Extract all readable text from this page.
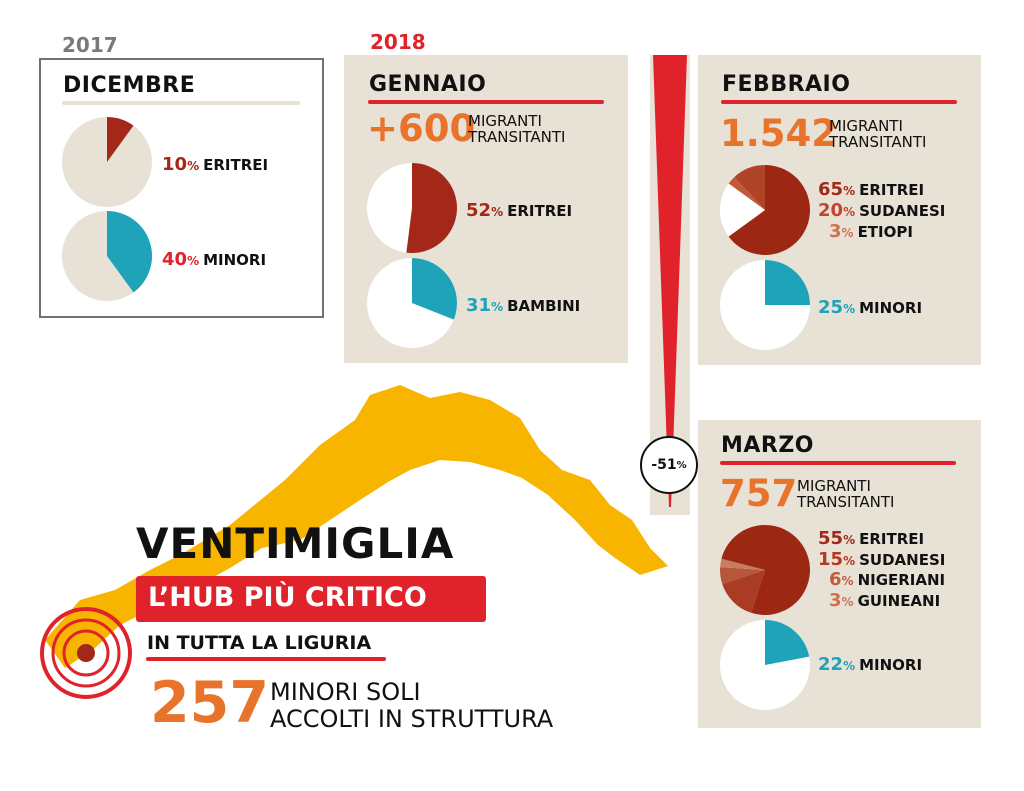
2017	2018
DICEMBRE
10% ERITREI
40% MINORI
GENNAIO
+600
MIGRANTI
TRANSITANTI
52% ERITREI
31% BAMBINI
-51 %
FEBBRAIO
1.542
MIGRANTI
TRANSITANTI
65% ERITREI
20% SUDANESI
3% ETIOPI
25% MINORI
MARZO
757 MIGRANTI
TRANSITANTI
55% ERITREI
15% SUDANESI
6% NIGERIANI
3% GUINEANI
22% MINORI
VENTIMIGLIA
L’HUB PIÙ CRITICO
IN TUTTA LA LIGURIA
257 MINORI SOLI
ACCOLTI IN STRUTTURA
